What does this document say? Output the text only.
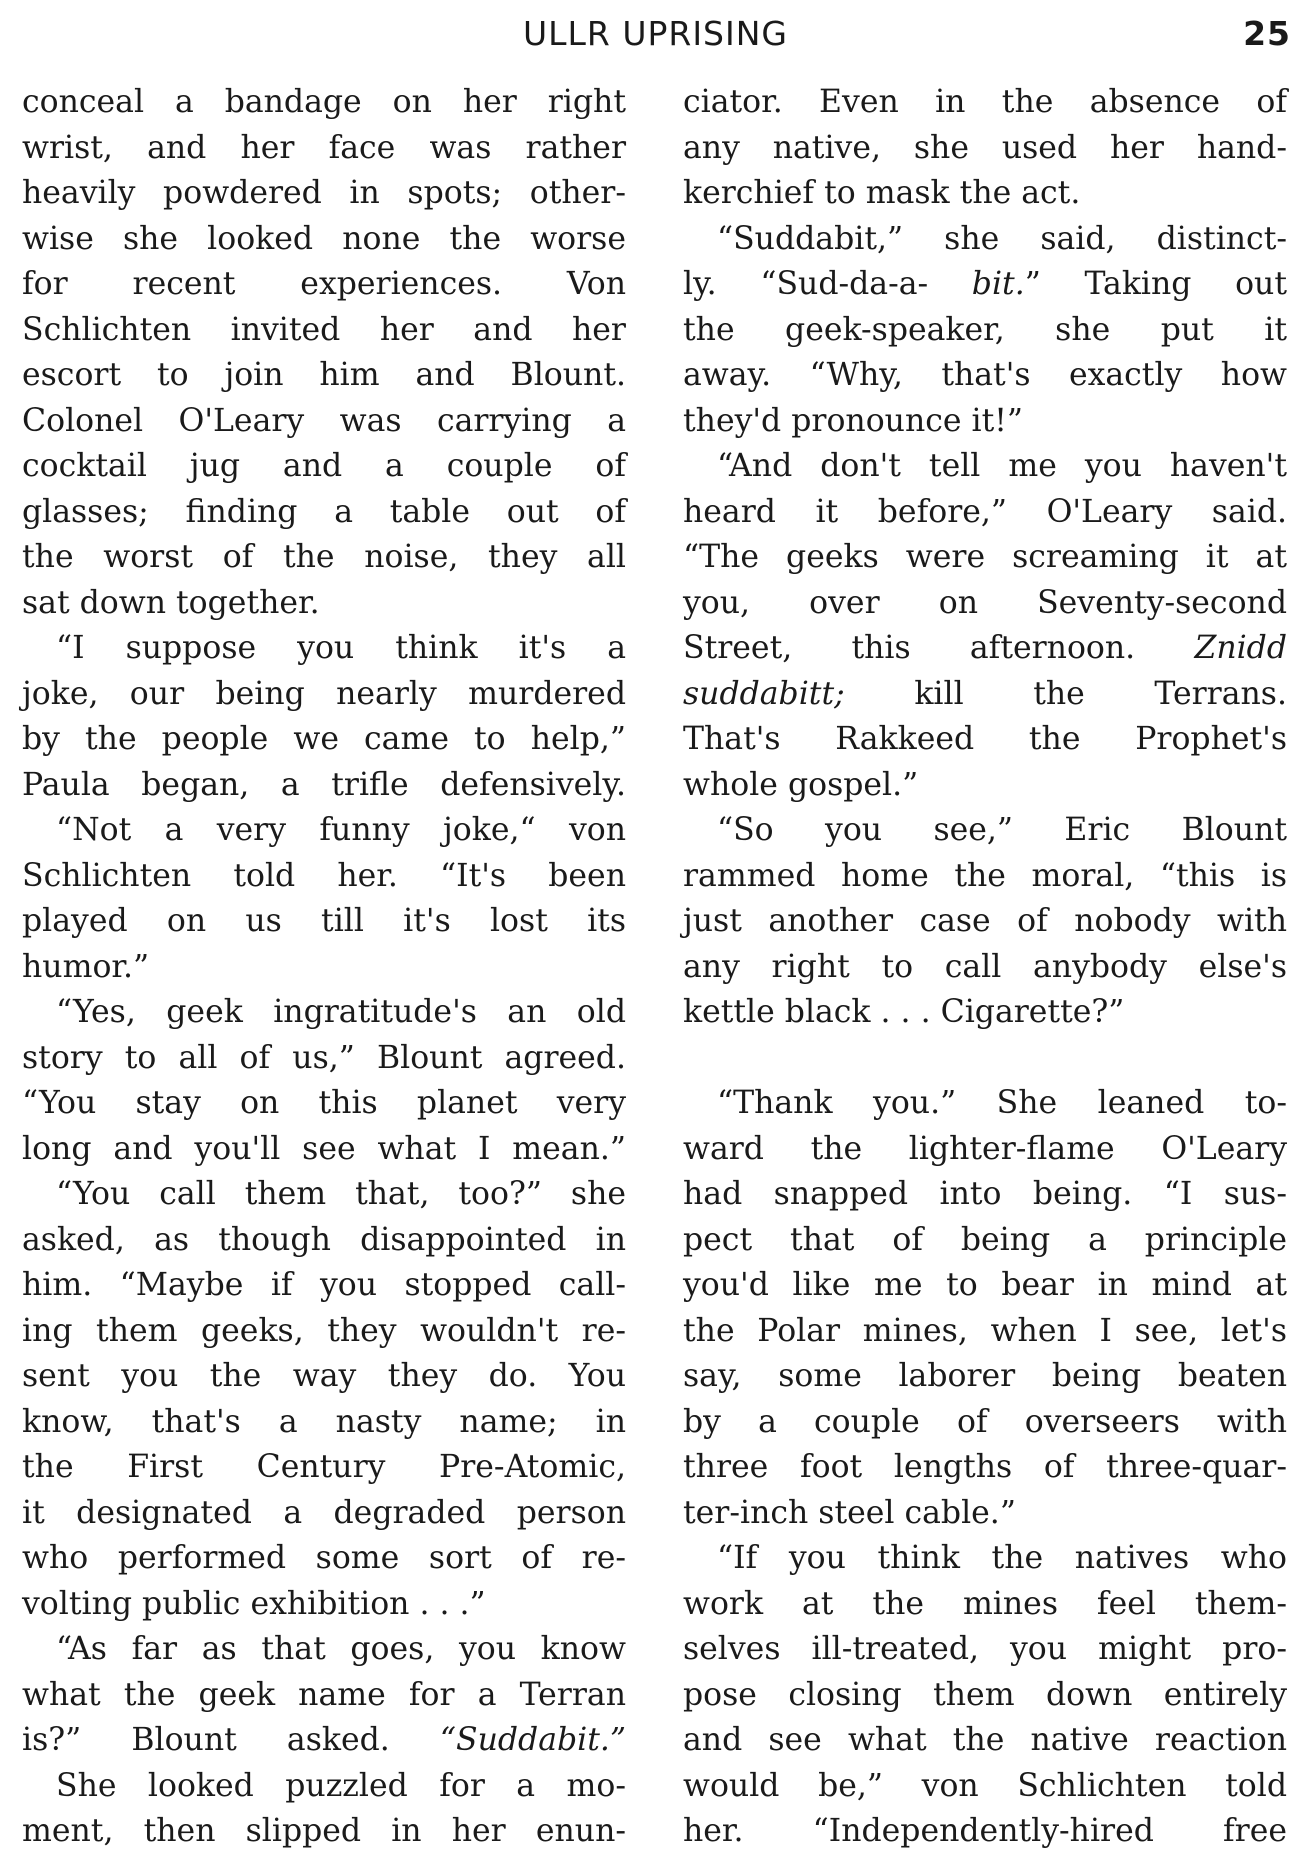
ULLR UPRISING	25
conceal a bandage on her right
wrist, and her face was rather
heavily powdered in spots; other-
wise she looked none the worse
for recent experiences. Von
Schlichten invited her and her
escort to join him and Blount.
Colonel O'Leary was carrying a
cocktail jug and a couple of
glasses; finding a table out of
the worst of the noise, they all
sat down together.
“I suppose you think it's a
joke, our being nearly murdered
by the people we came to help,”
Paula began, a trifle defensively.
“Not a very funny joke,“ von
Schlichten told her. “It's been
played on us till it's lost its
humor.”
“Yes, geek ingratitude's an old
story to all of us,” Blount agreed.
“You stay on this planet very
long and you'll see what I mean.”
“You call them that, too?” she
asked, as though disappointed in
him. “Maybe if you stopped call-
ing them geeks, they wouldn't re-
sent you the way they do. You
know, that's a nasty name; in
the First Century Pre-Atomic,
it designated a degraded person
who performed some sort of re-
volting public exhibition . . .”
“As far as that goes, you know
what the geek name for a Terran
is?” Blount asked. “Suddabit.”
She looked puzzled for a mo-
ment, then slipped in her enun-
ciator. Even in the absence of
any native, she used her hand-
kerchief to mask the act.
“Suddabit,” she said, distinct-
ly. “Sud-da-a- bit.” Taking out
the geek-speaker, she put it
away. “Why, that's exactly how
they'd pronounce it!”
“And don't tell me you haven't
heard it before,” O'Leary said.
“The geeks were screaming it at
you, over on Seventy-second
Street, this afternoon. Znidd
suddabitt; kill the Terrans.
That's Rakkeed the Prophet's
whole gospel.”
“So you see,” Eric Blount
rammed home the moral, “this is
just another case of nobody with
any right to call anybody else's
kettle black . . . Cigarette?”
“Thank you.” She leaned to-
ward the lighter-flame O'Leary
had snapped into being. “I sus-
pect that of being a principle
you'd like me to bear in mind at
the Polar mines, when I see, let's
say, some laborer being beaten
by a couple of overseers with
three foot lengths of three-quar-
ter-inch steel cable.”
“If you think the natives who
work at the mines feel them-
selves ill-treated, you might pro-
pose closing them down entirely
and see what the native reaction
would be,” von Schlichten told
her. “Independently-hired free
